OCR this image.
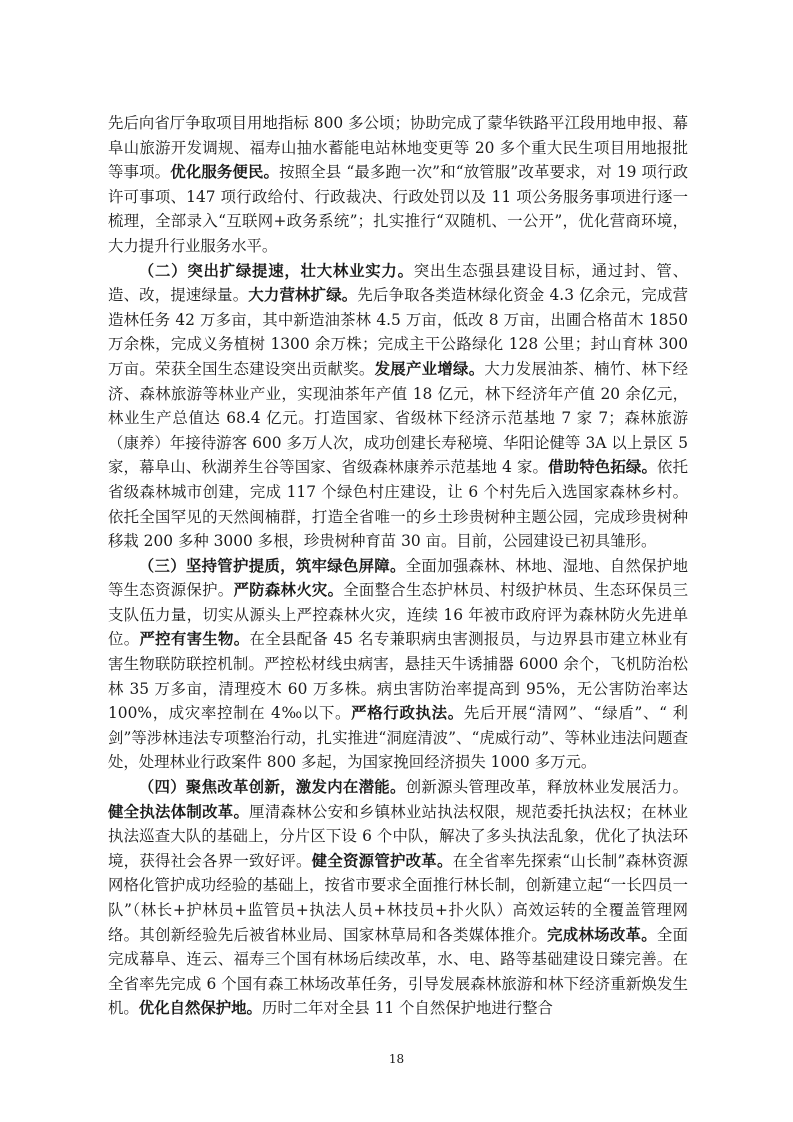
先后向省厅争取项目用地指标 800 多公顷；协助完成了蒙华铁路平江段用地申报、幕阜山旅游开发调规、福寿山抽水蓄能电站林地变更等 20 多个重大民生项目用地报批等事项。优化服务便民。按照全县 “最多跑一次”和“放管服”改革要求，对 19 项行政许可事项、147 项行政给付、行政裁决、行政处罚以及 11 项公务服务事项进行逐一梳理，全部录入“互联网+政务系统”；扎实推行“双随机、一公开”，优化营商环境，大力提升行业服务水平。

（二）突出扩绿提速，壮大林业实力。突出生态强县建设目标，通过封、管、造、改，提速绿量。大力营林扩绿。先后争取各类造林绿化资金 4.3 亿余元，完成营造林任务 42 万多亩，其中新造油茶林 4.5 万亩，低改 8 万亩，出圃合格苗木 1850 万余株，完成义务植树 1300 余万株；完成主干公路绿化 128 公里；封山育林 300 万亩。荣获全国生态建设突出贡献奖。发展产业增绿。大力发展油茶、楠竹、林下经济、森林旅游等林业产业，实现油茶年产值 18 亿元，林下经济年产值 20 余亿元，林业生产总值达 68.4 亿元。打造国家、省级林下经济示范基地 7 家 7；森林旅游（康养）年接待游客 600 多万人次，成功创建长寿秘境、华阳论健等 3A 以上景区 5 家，幕阜山、秋湖养生谷等国家、省级森林康养示范基地 4 家。借助特色拓绿。依托省级森林城市创建，完成 117 个绿色村庄建设，让 6 个村先后入选国家森林乡村。依托全国罕见的天然闽楠群，打造全省唯一的乡土珍贵树种主题公园，完成珍贵树种移栽 200 多种 3000 多根，珍贵树种育苗 30 亩。目前，公园建设已初具雏形。

（三）坚持管护提质，筑牢绿色屏障。全面加强森林、林地、湿地、自然保护地等生态资源保护。严防森林火灾。全面整合生态护林员、村级护林员、生态环保员三支队伍力量，切实从源头上严控森林火灾，连续 16 年被市政府评为森林防火先进单位。严控有害生物。在全县配备 45 名专兼职病虫害测报员，与边界县市建立林业有害生物联防联控机制。严控松材线虫病害，悬挂天牛诱捕器 6000 余个，飞机防治松林 35 万多亩，清理疫木 60 万多株。病虫害防治率提高到 95%，无公害防治率达 100%，成灾率控制在 4‰以下。严格行政执法。先后开展“清网”、“绿盾”、“ 利剑”等涉林违法专项整治行动，扎实推进“洞庭清波”、“虎威行动”、等林业违法问题查处，处理林业行政案件 800 多起，为国家挽回经济损失 1000 多万元。

（四）聚焦改革创新，激发内在潜能。创新源头管理改革，释放林业发展活力。健全执法体制改革。厘清森林公安和乡镇林业站执法权限，规范委托执法权；在林业执法巡查大队的基础上，分片区下设 6 个中队，解决了多头执法乱象，优化了执法环境，获得社会各界一致好评。健全资源管护改革。在全省率先探索“山长制”森林资源网格化管护成功经验的基础上，按省市要求全面推行林长制，创新建立起“一长四员一队”（林长+护林员+监管员+执法人员+林技员+扑火队）高效运转的全覆盖管理网络。其创新经验先后被省林业局、国家林草局和各类媒体推介。完成林场改革。全面完成幕阜、连云、福寿三个国有林场后续改革，水、电、路等基础建设日臻完善。在全省率先完成 6 个国有森工林场改革任务，引导发展森林旅游和林下经济重新焕发生机。优化自然保护地。历时二年对全县 11 个自然保护地进行整合

18
